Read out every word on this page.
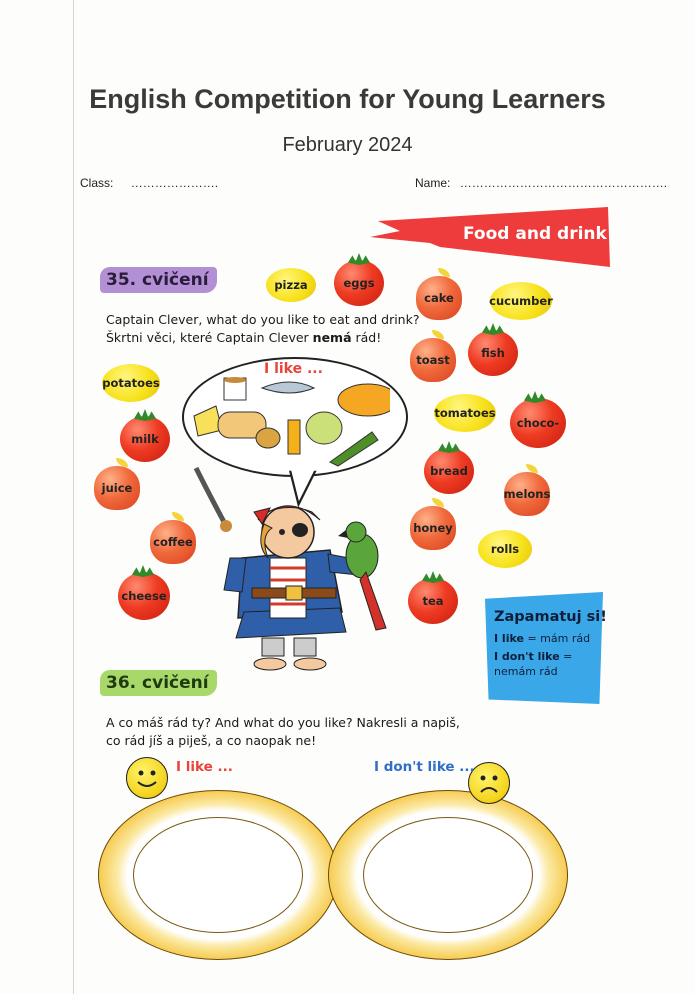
English Competition for Young Learners
February 2024
Class: ………………….	Name: …………………………………………….
Food and drink
35. cvičení
Captain Clever, what do you like to eat and drink?
Škrtni věci, které Captain Clever nemá rád!
I like ...
pizza	eggs
cake	cucumber
potatoes
milk
toast	fish
tomatoes
choco-
juice
bread
melons
coffee
honey
rolls
cheese	tea
Zapamatuj si!
I like = mám rád
I don't like =
nemám rád
36. cvičení
A co máš rád ty? And what do you like? Nakresli a napiš,
co rád jíš a piješ, a co naopak ne!
I like ...	I don't like ...
